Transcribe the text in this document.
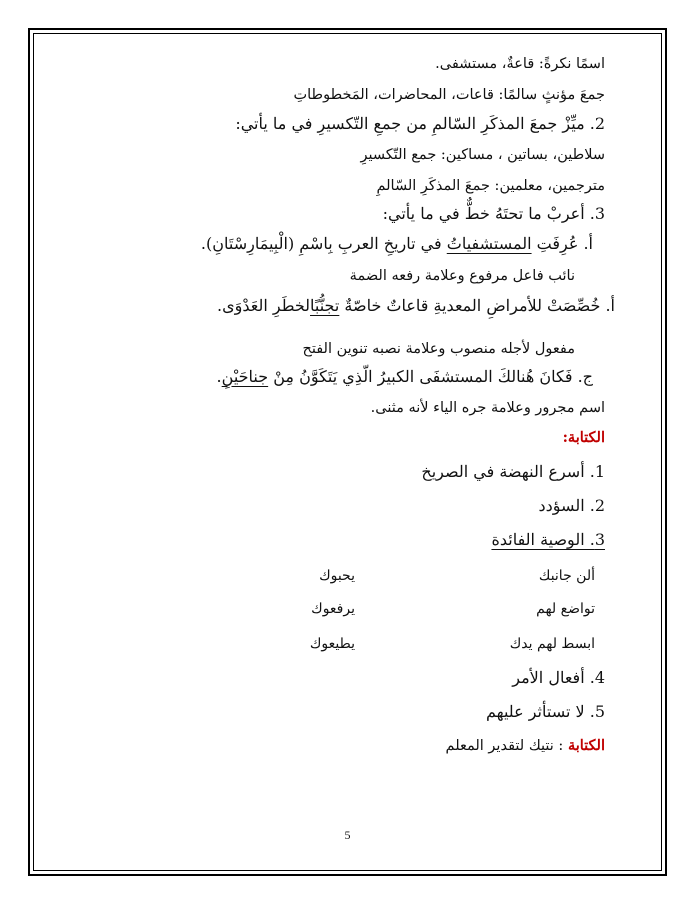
اسمًا نكرةً: قاعةٌ، مستشفى.
جمعَ مؤنثٍ سالمًا: قاعات، المحاضرات، المَخطوطاتِ
2. ميِّزْ جمعَ المذكَرِ السّالمِ من جمعِ التّكسيرِ في ما يأتي:
سلاطين، بساتين ، مساكين: جمع التّكسيرِ
مترجمين، معلمين: جمعَ المذكَرِ السّالمِ
3. أعربْ ما تحتَهُ خطٌّ في ما يأتي:
أ. عُرِفَتِ المستشفياتُ في تاريخِ العربِ بِاسْمِ (الْبِيمَارِسْتَانِ).
نائب فاعل مرفوع وعلامة رفعه الضمة
أ. خُصِّصَتْ للأمراضِ المعديةِ قاعاتٌ خاصّةٌ تجنُّبًالخطَرِ العَدْوَى.
مفعول لأجله منصوب وعلامة نصبه تنوين الفتح
ج. فَكانَ هُنالكَ المستشفَى الكبيرُ الّذِي يَتَكَوَّنُ مِنْ جناحَيْنِ.
اسم مجرور وعلامة جره الياء لأنه مثنى.
الكتابة:
1. أسرع النهضة في الصريخ
2. السؤدد
3. الوصية الفائدة
ألن جانبك
يحبوك
تواضع لهم
يرفعوك
ابسط لهم يدك
يطيعوك
4. أفعال الأمر
5. لا تستأثر عليهم
الكتابة : نتيك لتقدير المعلم
5
